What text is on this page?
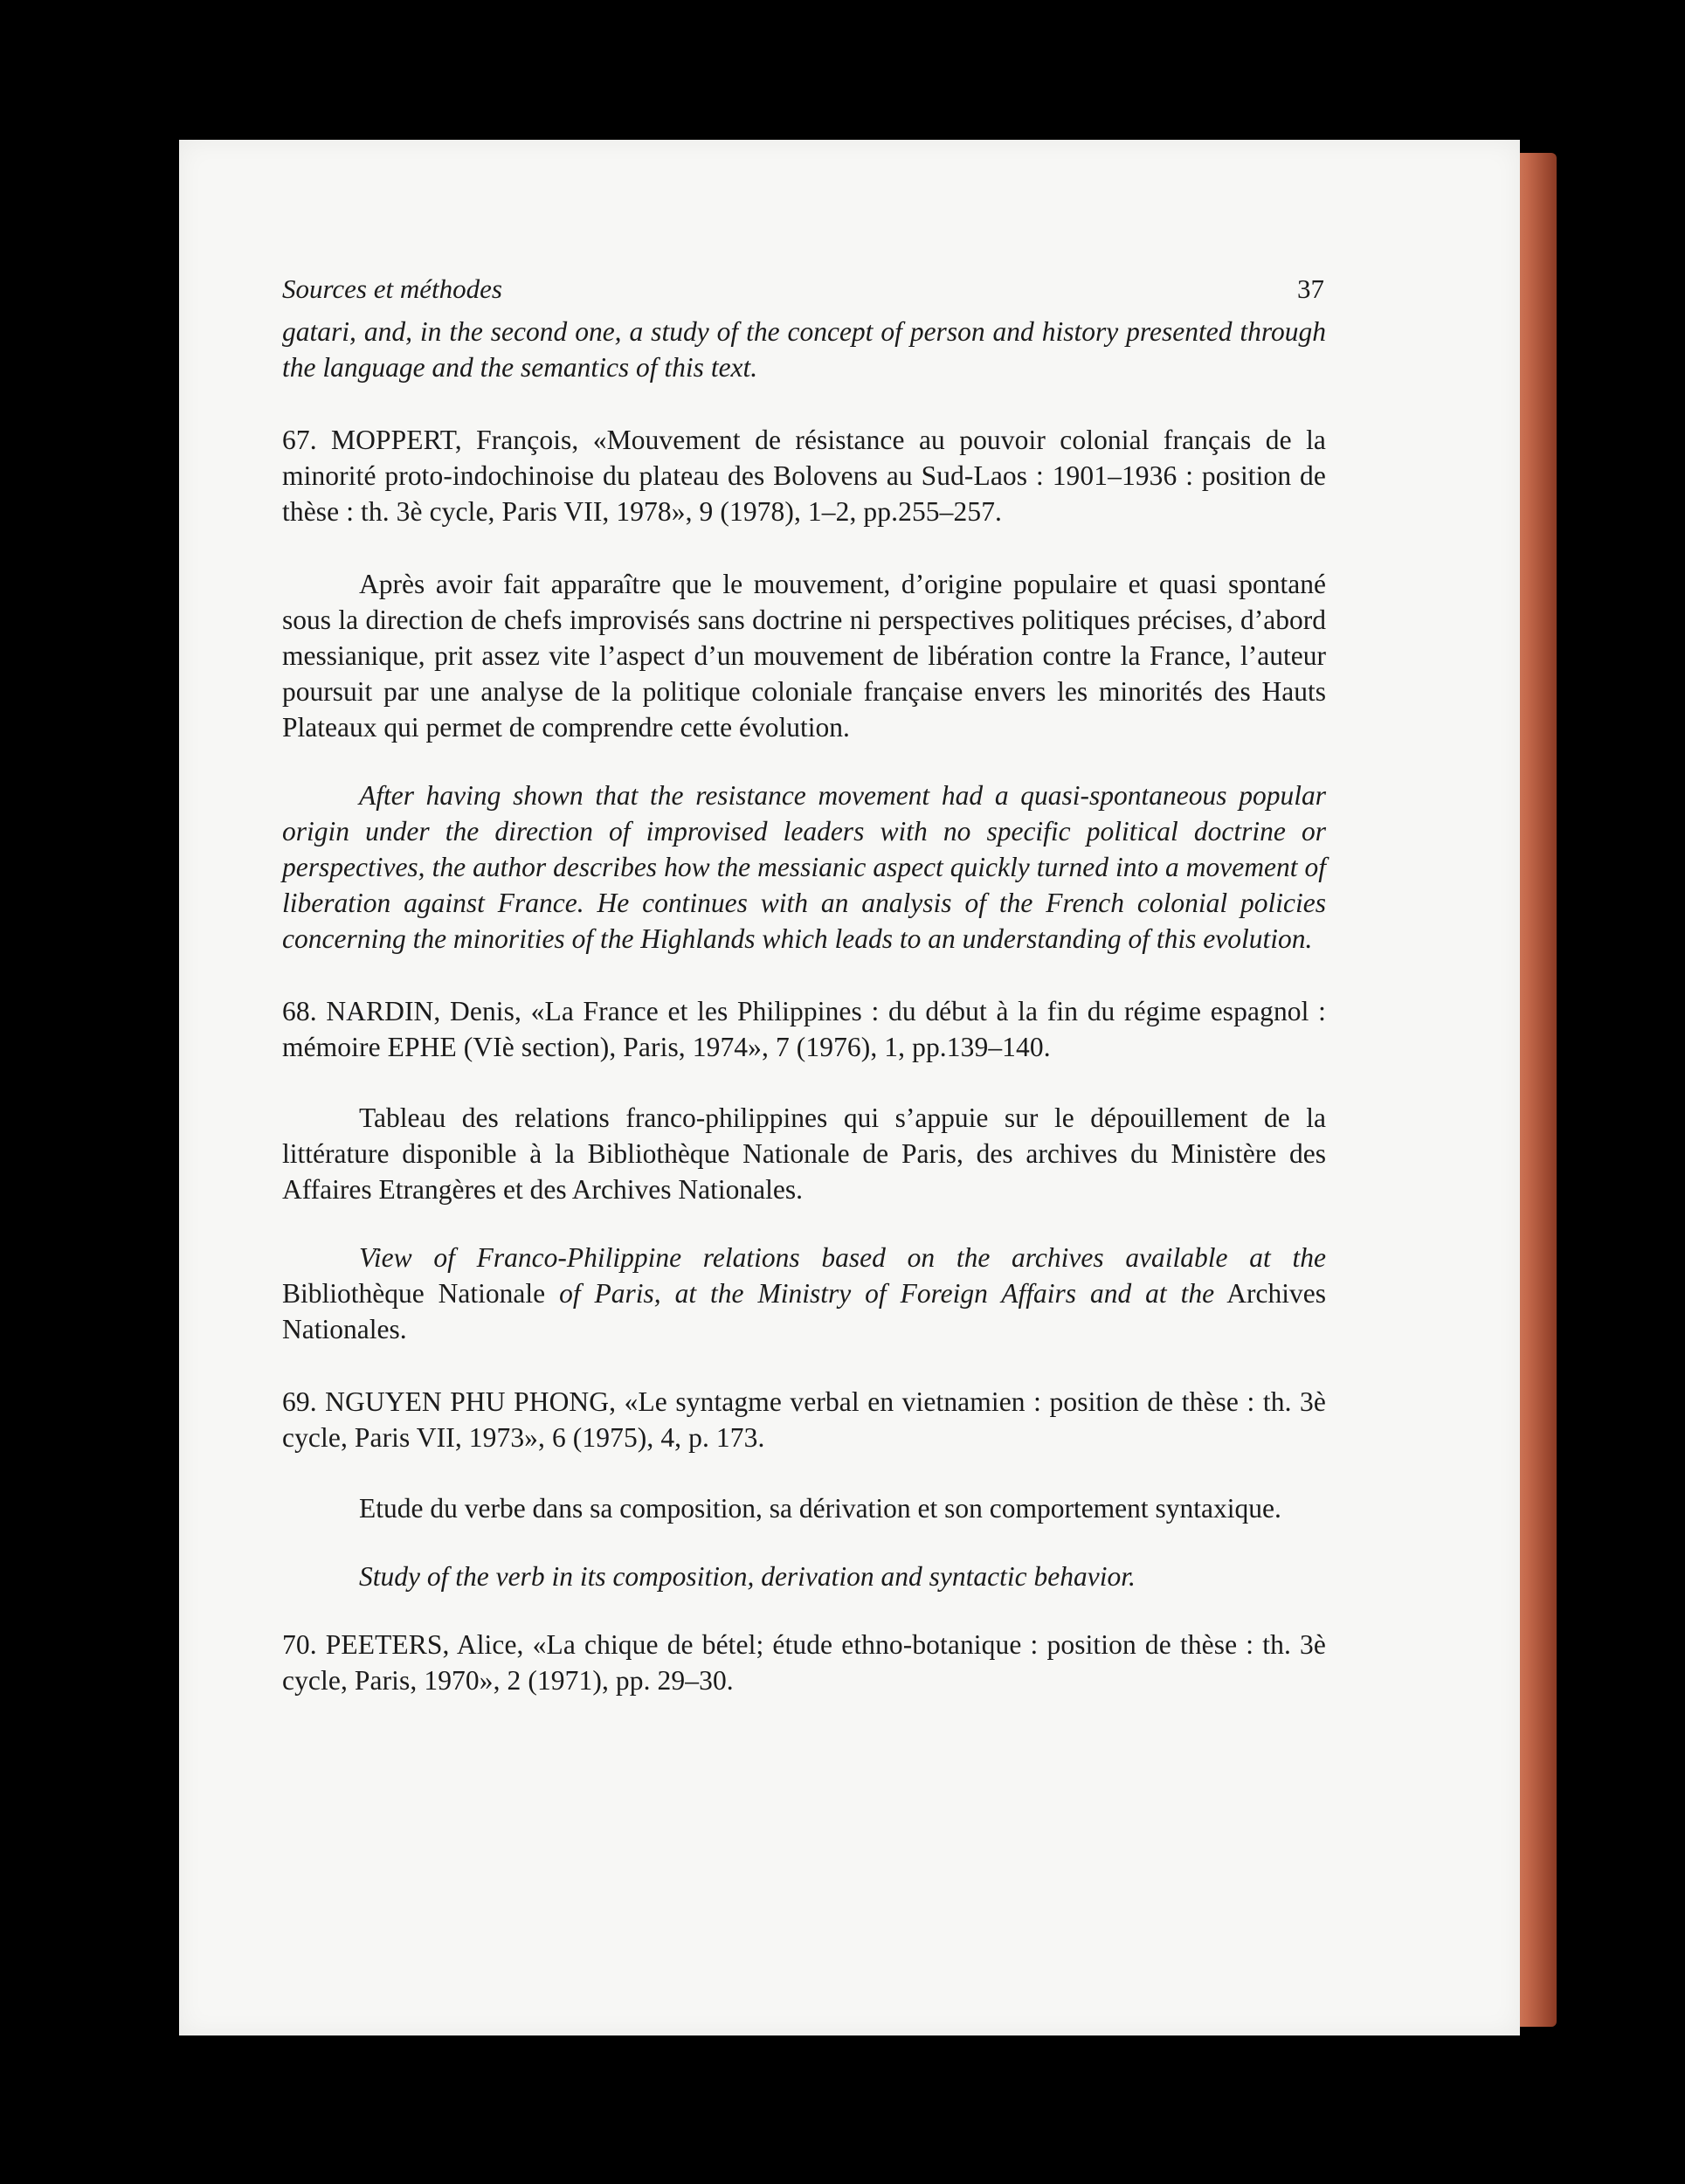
Sources et méthodes	37

gatari, and, in the second one, a study of the concept of person and history presented through the language and the semantics of this text.

67. MOPPERT, François, «Mouvement de résistance au pouvoir colonial français de la minorité proto-indochinoise du plateau des Bolovens au Sud-Laos : 1901–1936 : position de thèse : th. 3è cycle, Paris VII, 1978», 9 (1978), 1–2, pp.255–257.

Après avoir fait apparaître que le mouvement, d’origine populaire et quasi spontané sous la direction de chefs improvisés sans doctrine ni perspectives politiques précises, d’abord messianique, prit assez vite l’aspect d’un mouvement de libération contre la France, l’auteur poursuit par une analyse de la politique coloniale française envers les minorités des Hauts Plateaux qui permet de comprendre cette évolution.

After having shown that the resistance movement had a quasi-spontaneous popular origin under the direction of improvised leaders with no specific political doctrine or perspectives, the author describes how the messianic aspect quickly turned into a movement of liberation against France. He continues with an analysis of the French colonial policies concerning the minorities of the Highlands which leads to an understanding of this evolution.

68. NARDIN, Denis, «La France et les Philippines : du début à la fin du régime espagnol : mémoire EPHE (VIè section), Paris, 1974», 7 (1976), 1, pp.139–140.

Tableau des relations franco-philippines qui s’appuie sur le dépouillement de la littérature disponible à la Bibliothèque Nationale de Paris, des archives du Ministère des Affaires Etrangères et des Archives Nationales.

View of Franco-Philippine relations based on the archives available at the Bibliothèque Nationale of Paris, at the Ministry of Foreign Affairs and at the Archives Nationales.

69. NGUYEN PHU PHONG, «Le syntagme verbal en vietnamien : position de thèse : th. 3è cycle, Paris VII, 1973», 6 (1975), 4, p. 173.

Etude du verbe dans sa composition, sa dérivation et son comportement syntaxique.

Study of the verb in its composition, derivation and syntactic behavior.

70. PEETERS, Alice, «La chique de bétel; étude ethno-botanique : position de thèse : th. 3è cycle, Paris, 1970», 2 (1971), pp. 29–30.
